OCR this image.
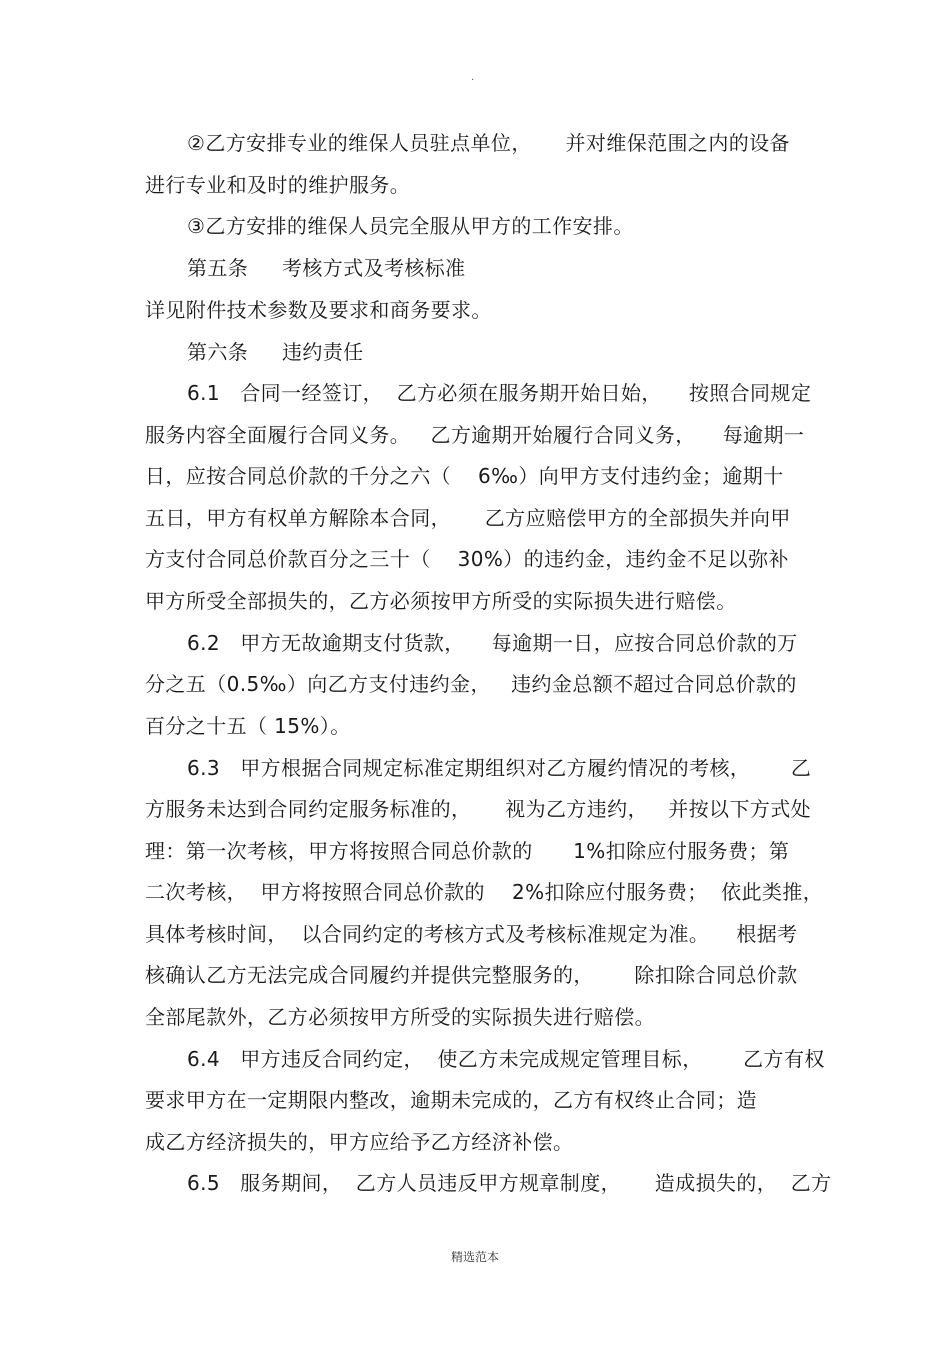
.
②乙方安排专业的维保人员驻点单位，     并对维保范围之内的设备
进行专业和及时的维护服务。
③乙方安排的维保人员完全服从甲方的工作安排。
第五条     考核方式及考核标准
详见附件技术参数及要求和商务要求。
第六条     违约责任
6.1   合同一经签订，  乙方必须在服务期开始日始，    按照合同规定
服务内容全面履行合同义务。   乙方逾期开始履行合同义务，    每逾期一
日，应按合同总价款的千分之六（    6‰）向甲方支付违约金；逾期十
五日，甲方有权单方解除本合同，     乙方应赔偿甲方的全部损失并向甲
方支付合同总价款百分之三十（    30%）的违约金，违约金不足以弥补
甲方所受全部损失的，乙方必须按甲方所受的实际损失进行赔偿。
6.2   甲方无故逾期支付货款，    每逾期一日，应按合同总价款的万
分之五（0.5‰）向乙方支付违约金，   违约金总额不超过合同总价款的
百分之十五（ 15%）。
6.3   甲方根据合同规定标准定期组织对乙方履约情况的考核，      乙
方服务未达到合同约定服务标准的，     视为乙方违约，   并按以下方式处
理：第一次考核，甲方将按照合同总价款的      1%扣除应付服务费；第
二次考核，  甲方将按照合同总价款的    2%扣除应付服务费；  依此类推，
具体考核时间，  以合同约定的考核方式及考核标准规定为准。    根据考
核确认乙方无法完成合同履约并提供完整服务的，      除扣除合同总价款
全部尾款外，乙方必须按甲方所受的实际损失进行赔偿。
6.4   甲方违反合同约定，  使乙方未完成规定管理目标，      乙方有权
要求甲方在一定期限内整改，逾期未完成的，乙方有权终止合同；造
成乙方经济损失的，甲方应给予乙方经济补偿。
6.5   服务期间，  乙方人员违反甲方规章制度，     造成损失的，  乙方
精选范本
